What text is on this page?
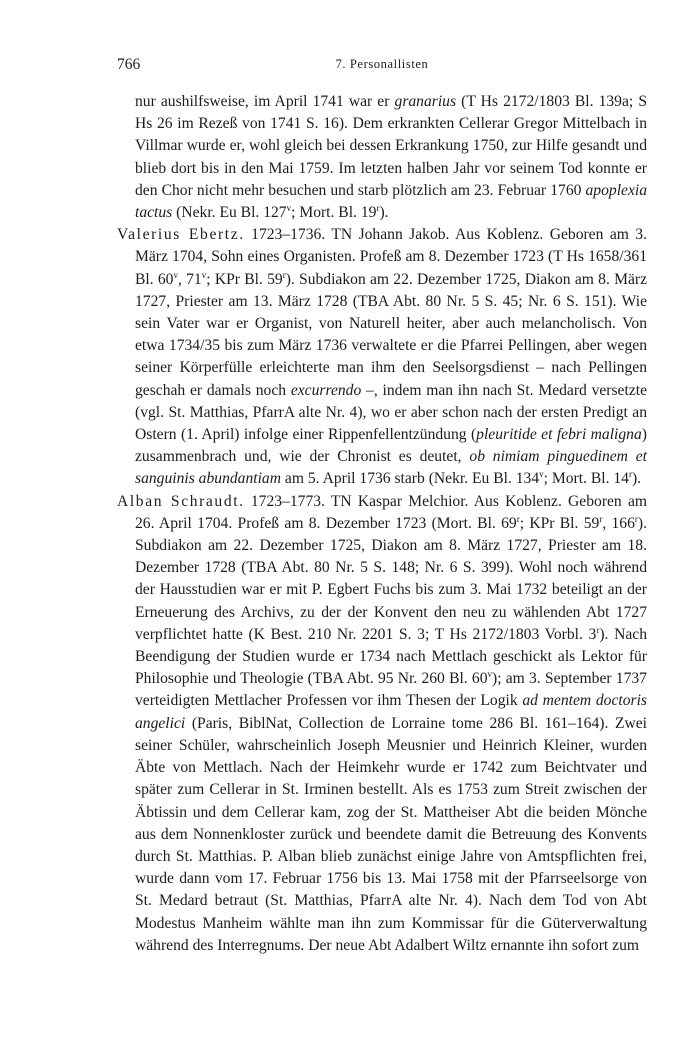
766	7. Personallisten

nur aushilfsweise, im April 1741 war er granarius (T Hs 2172/1803 Bl. 139a; S Hs 26 im Rezeß von 1741 S. 16). Dem erkrankten Cellerar Gregor Mittelbach in Villmar wurde er, wohl gleich bei dessen Erkrankung 1750, zur Hilfe gesandt und blieb dort bis in den Mai 1759. Im letzten halben Jahr vor seinem Tod konnte er den Chor nicht mehr besuchen und starb plötzlich am 23. Februar 1760 apoplexia tactus (Nekr. Eu Bl. 127$^v$; Mort. Bl. 19$^r$).

Valerius Ebertz. 1723–1736. TN Johann Jakob. Aus Koblenz. Geboren am 3. März 1704, Sohn eines Organisten. Profeß am 8. Dezember 1723 (T Hs 1658/361 Bl. 60$^v$, 71$^v$; KPr Bl. 59$^r$). Subdiakon am 22. Dezember 1725, Diakon am 8. März 1727, Priester am 13. März 1728 (TBA Abt. 80 Nr. 5 S. 45; Nr. 6 S. 151). Wie sein Vater war er Organist, von Naturell heiter, aber auch melancholisch. Von etwa 1734/35 bis zum März 1736 verwaltete er die Pfarrei Pellingen, aber wegen seiner Körperfülle erleichterte man ihm den Seelsorgsdienst – nach Pellingen geschah er damals noch excurrendo –, indem man ihn nach St. Medard versetzte (vgl. St. Matthias, PfarrA alte Nr. 4), wo er aber schon nach der ersten Predigt an Ostern (1. April) infolge einer Rippenfellentzündung (pleuritide et febri maligna) zusammenbrach und, wie der Chronist es deutet, ob nimiam pinguedinem et sanguinis abundantiam am 5. April 1736 starb (Nekr. Eu Bl. 134$^v$; Mort. Bl. 14$^r$).

Alban Schraudt. 1723–1773. TN Kaspar Melchior. Aus Koblenz. Geboren am 26. April 1704. Profeß am 8. Dezember 1723 (Mort. Bl. 69$^r$; KPr Bl. 59$^r$, 166$^r$). Subdiakon am 22. Dezember 1725, Diakon am 8. März 1727, Priester am 18. Dezember 1728 (TBA Abt. 80 Nr. 5 S. 148; Nr. 6 S. 399). Wohl noch während der Hausstudien war er mit P. Egbert Fuchs bis zum 3. Mai 1732 beteiligt an der Erneuerung des Archivs, zu der der Konvent den neu zu wählenden Abt 1727 verpflichtet hatte (K Best. 210 Nr. 2201 S. 3; T Hs 2172/1803 Vorbl. 3$^r$). Nach Beendigung der Studien wurde er 1734 nach Mettlach geschickt als Lektor für Philosophie und Theologie (TBA Abt. 95 Nr. 260 Bl. 60$^v$); am 3. September 1737 verteidigten Mettlacher Professen vor ihm Thesen der Logik ad mentem doctoris angelici (Paris, BiblNat, Collection de Lorraine tome 286 Bl. 161–164). Zwei seiner Schüler, wahrscheinlich Joseph Meusnier und Heinrich Kleiner, wurden Äbte von Mettlach. Nach der Heimkehr wurde er 1742 zum Beichtvater und später zum Cellerar in St. Irminen bestellt. Als es 1753 zum Streit zwischen der Äbtissin und dem Cellerar kam, zog der St. Mattheiser Abt die beiden Mönche aus dem Nonnenkloster zurück und beendete damit die Betreuung des Konvents durch St. Matthias. P. Alban blieb zunächst einige Jahre von Amtspflichten frei, wurde dann vom 17. Februar 1756 bis 13. Mai 1758 mit der Pfarrseelsorge von St. Medard betraut (St. Matthias, PfarrA alte Nr. 4). Nach dem Tod von Abt Modestus Manheim wählte man ihn zum Kommissar für die Güterverwaltung während des Interregnums. Der neue Abt Adalbert Wiltz ernannte ihn sofort zum
